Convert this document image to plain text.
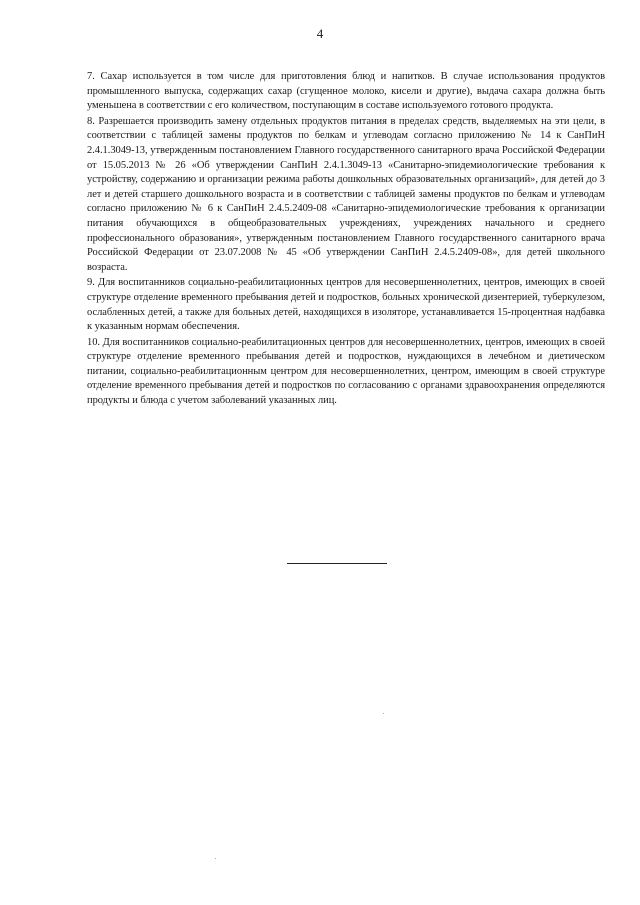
4

7. Сахар используется в том числе для приготовления блюд и напитков. В случае использования продуктов промышленного выпуска, содержащих сахар (сгущенное молоко, кисели и другие), выдача сахара должна быть уменьшена в соответствии с его количеством, поступающим в составе используемого готового продукта.

8. Разрешается производить замену отдельных продуктов питания в пределах средств, выделяемых на эти цели, в соответствии с таблицей замены продуктов по белкам и углеводам согласно приложению № 14 к СанПиН 2.4.1.3049-13, утвержденным постановлением Главного государственного санитарного врача Российской Федерации от 15.05.2013 № 26 «Об утверждении СанПиН 2.4.1.3049-13 «Санитарно-эпидемиологические требования к устройству, содержанию и организации режима работы дошкольных образовательных организаций», для детей до 3 лет и детей старшего дошкольного возраста и в соответствии с таблицей замены продуктов по белкам и углеводам согласно приложению № 6 к СанПиН 2.4.5.2409-08 «Санитарно-эпидемиологические требования к организации питания обучающихся в общеобразовательных учреждениях, учреждениях начального и среднего профессионального образования», утвержденным постановлением Главного государственного санитарного врача Российской Федерации от 23.07.2008 № 45 «Об утверждении СанПиН 2.4.5.2409-08», для детей школьного возраста.

9. Для воспитанников социально-реабилитационных центров для несовершеннолетних, центров, имеющих в своей структуре отделение временного пребывания детей и подростков, больных хронической дизентерией, туберкулезом, ослабленных детей, а также для больных детей, находящихся в изоляторе, устанавливается 15-процентная надбавка к указанным нормам обеспечения.

10. Для воспитанников социально-реабилитационных центров для несовершеннолетних, центров, имеющих в своей структуре отделение временного пребывания детей и подростков, нуждающихся в лечебном и диетическом питании, социально-реабилитационным центром для несовершеннолетних, центром, имеющим в своей структуре отделение временного пребывания детей и подростков по согласованию с органами здравоохранения определяются продукты и блюда с учетом заболеваний указанных лиц.
